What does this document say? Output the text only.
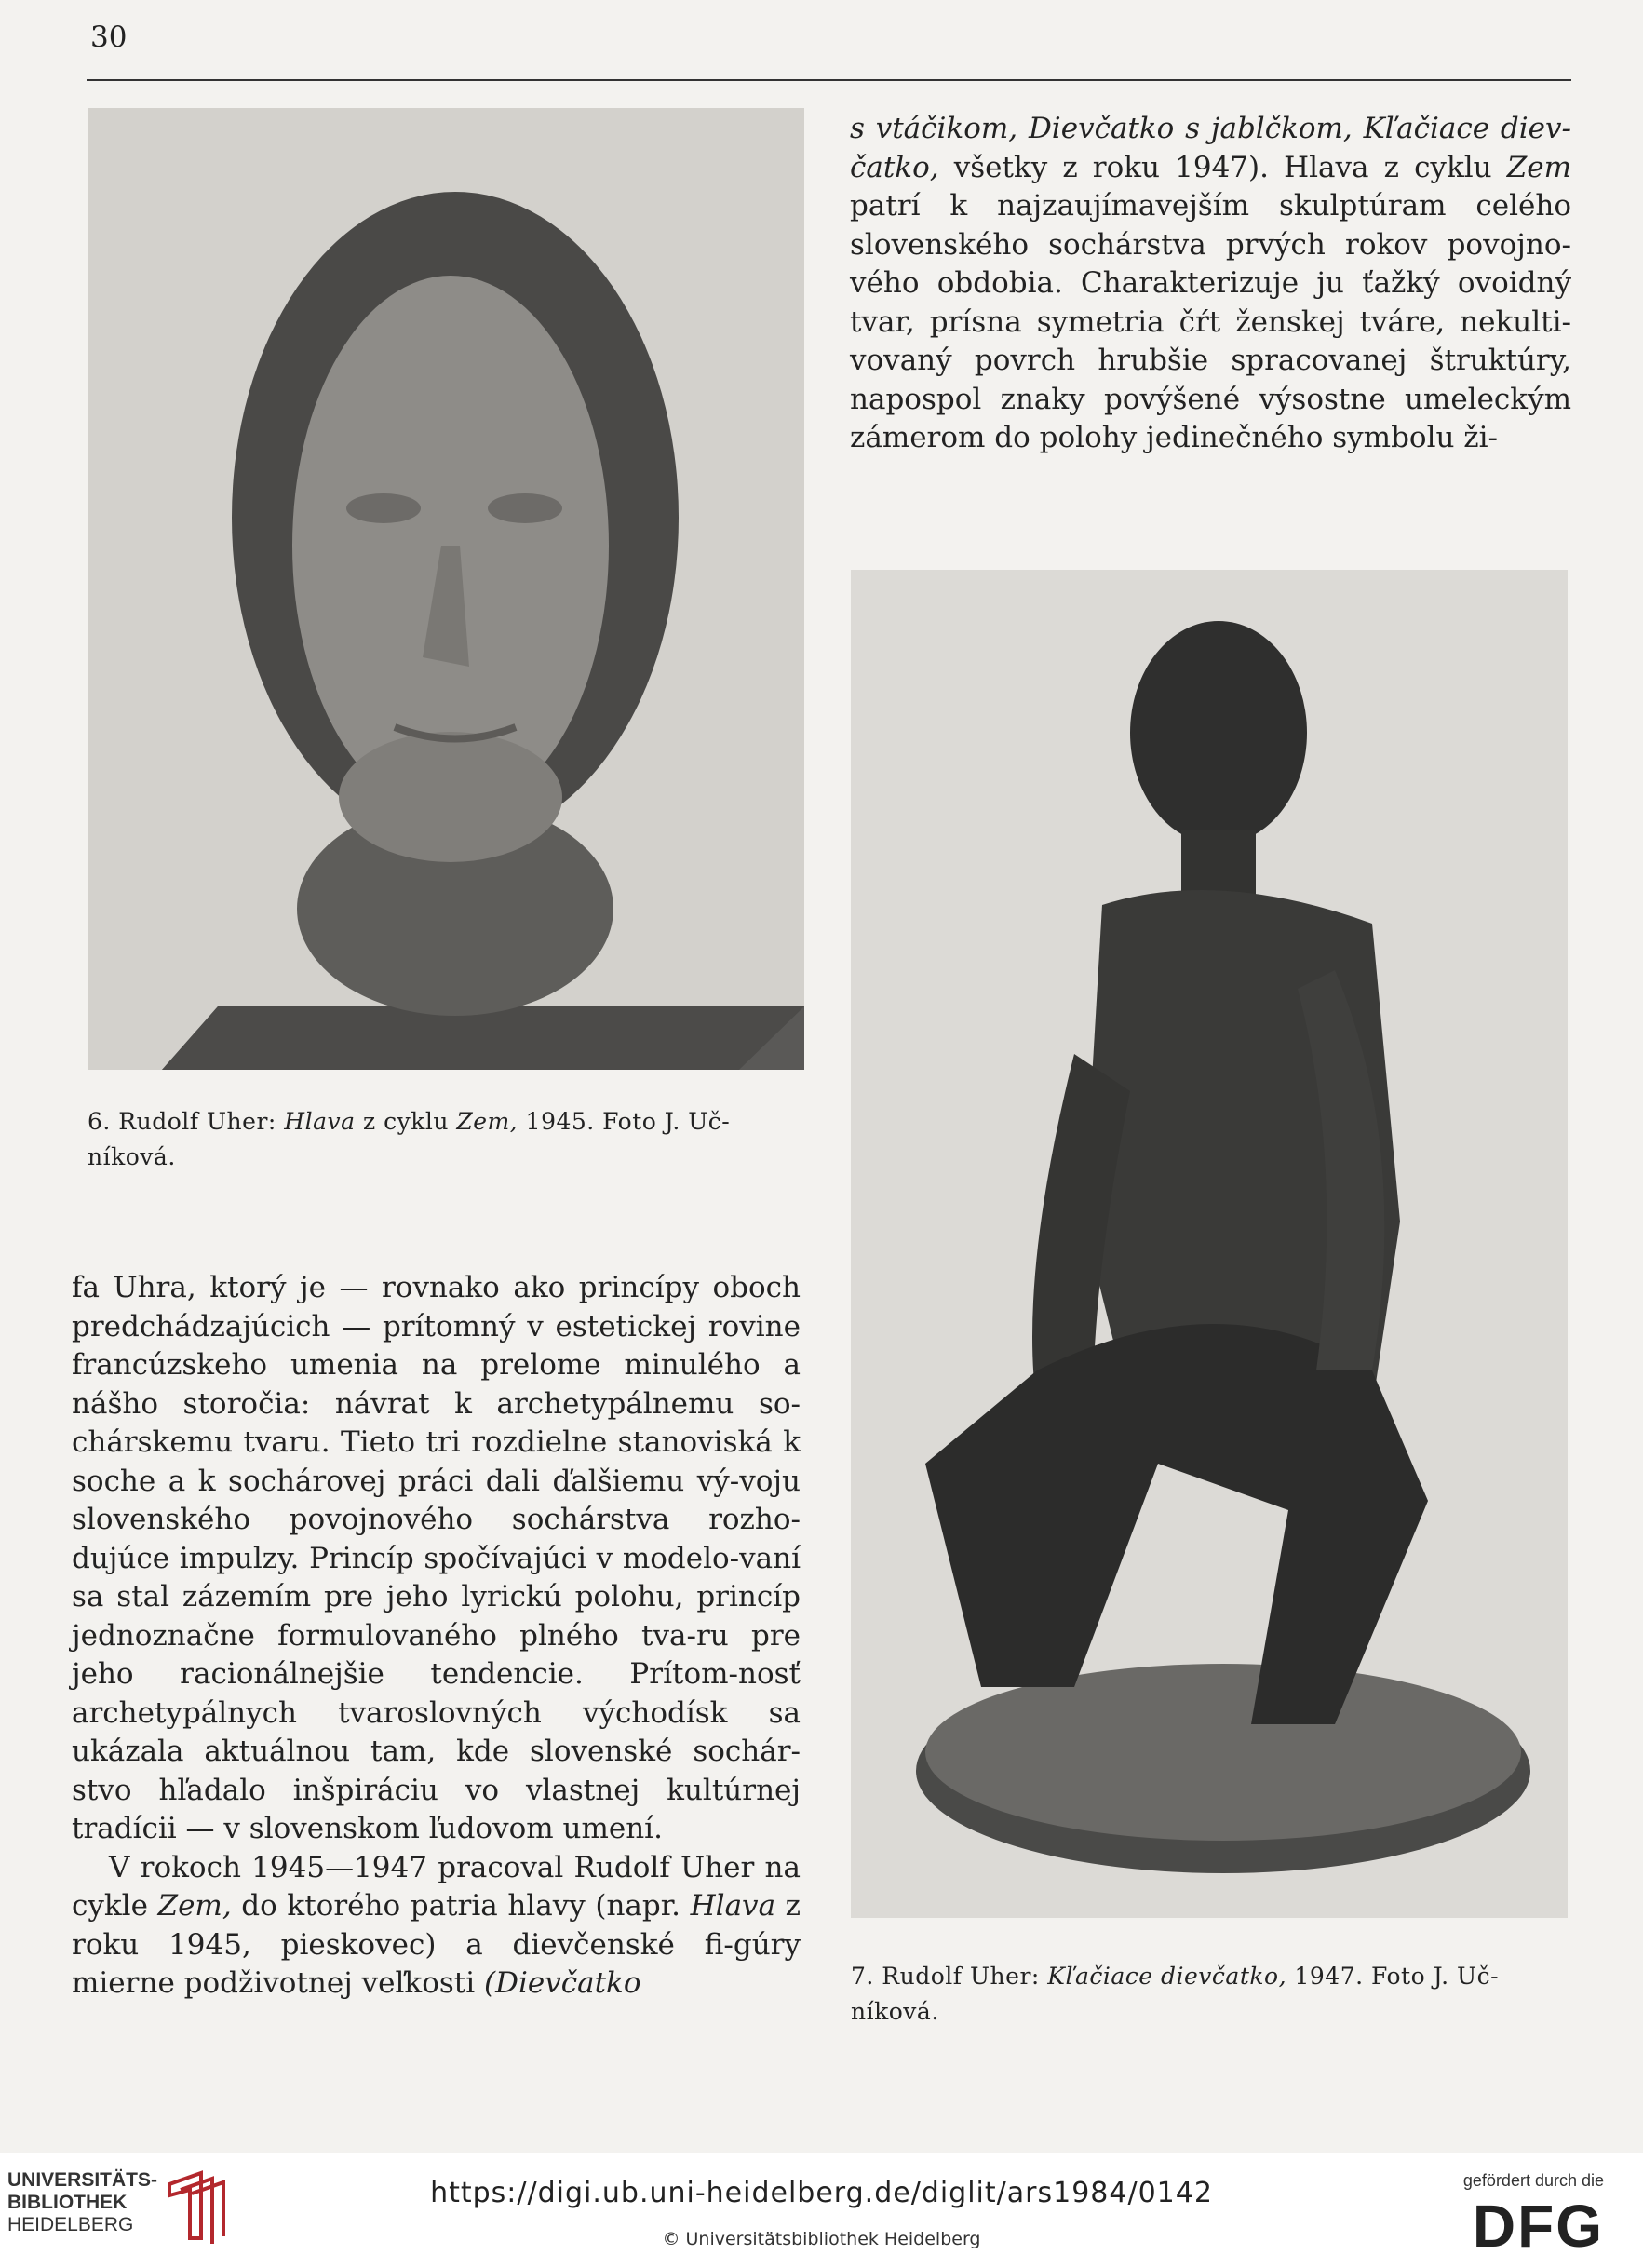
30
6. Rudolf Uher: Hlava z cyklu Zem, 1945. Foto J. Uč-
níková.
7. Rudolf Uher: Kľačiace dievčatko, 1947. Foto J. Uč-
níková.

s vtáčikom, Dievčatko s jablčkom, Kľačiace diev- čatko, všetky z roku 1947). Hlava z cyklu Zem patrí k najzaujímavejším skulptúram celého slovenského sochárstva prvých rokov povojno-vého obdobia. Charakterizuje ju ťažký ovoidný tvar, prísna symetria čŕt ženskej tváre, nekulti-vovaný povrch hrubšie spracovanej štruktúry, napospol znaky povýšené výsostne umeleckým zámerom do polohy jedinečného symbolu ži-

fa Uhra, ktorý je — rovnako ako princípy oboch predchádzajúcich — prítomný v estetickej rovine francúzskeho umenia na prelome minulého a nášho storočia: návrat k archetypálnemu so-chárskemu tvaru. Tieto tri rozdielne stanoviská k soche a k sochárovej práci dali ďalšiemu vý-voju slovenského povojnového sochárstva rozho-dujúce impulzy. Princíp spočívajúci v modelo-vaní sa stal zázemím pre jeho lyrickú polohu, princíp jednoznačne formulovaného plného tva-ru pre jeho racionálnejšie tendencie. Prítom-nosť archetypálnych tvaroslovných východísk sa ukázala aktuálnou tam, kde slovenské sochár-stvo hľadalo inšpiráciu vo vlastnej kultúrnej tradícii — v slovenskom ľudovom umení.

V rokoch 1945—1947 pracoval Rudolf Uher na cykle Zem, do ktorého patria hlavy (napr. Hlava z roku 1945, pieskovec) a dievčenské fi-gúry mierne podživotnej veľkosti (Dievčatko

UNIVERSITÄTS-
BIBLIOTHEK
HEIDELBERG
https://digi.ub.uni-heidelberg.de/diglit/ars1984/0142
© Universitätsbibliothek Heidelberg
gefördert durch die
DFG
